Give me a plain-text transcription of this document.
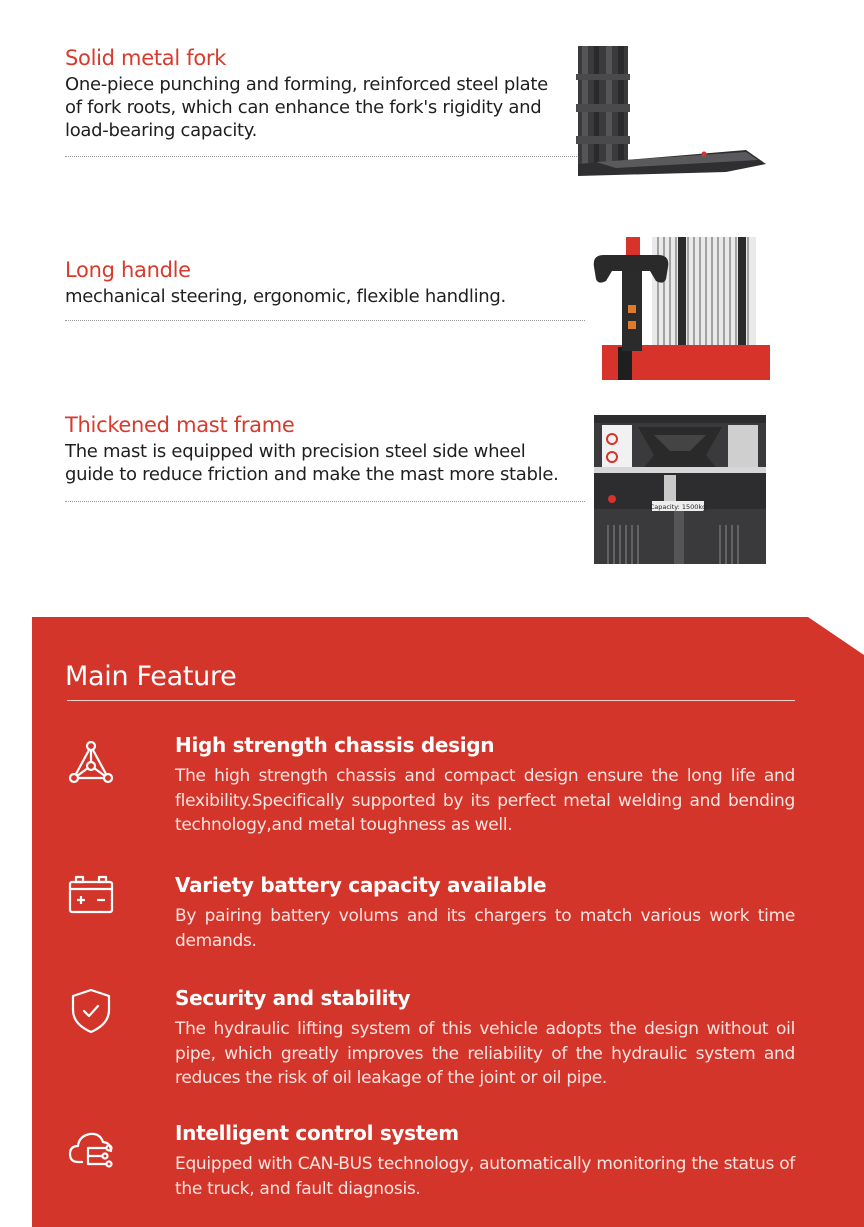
Solid metal fork
One-piece punching and forming, reinforced steel plate of fork roots, which can enhance the fork's rigidity and load-bearing capacity.
Long handle
mechanical steering, ergonomic, flexible handling.
Thickened mast frame
The mast is equipped with precision steel side wheel guide to reduce friction and make the mast more stable.
Capacity: 1500kg
Main Feature
High strength chassis design
The high strength chassis and compact design ensure the long life and flexibility.Specifically supported by its perfect metal welding and bending technology,and metal toughness as well.
Variety battery capacity available
By pairing battery volums and its chargers to match various work time demands.
Security and stability
The hydraulic lifting system of this vehicle adopts the design without oil pipe, which greatly improves the reliability of the hydraulic system and reduces the risk of oil leakage of the joint or oil pipe.
Intelligent control system
Equipped with CAN-BUS technology, automatically monitoring the status of the truck, and fault diagnosis.
